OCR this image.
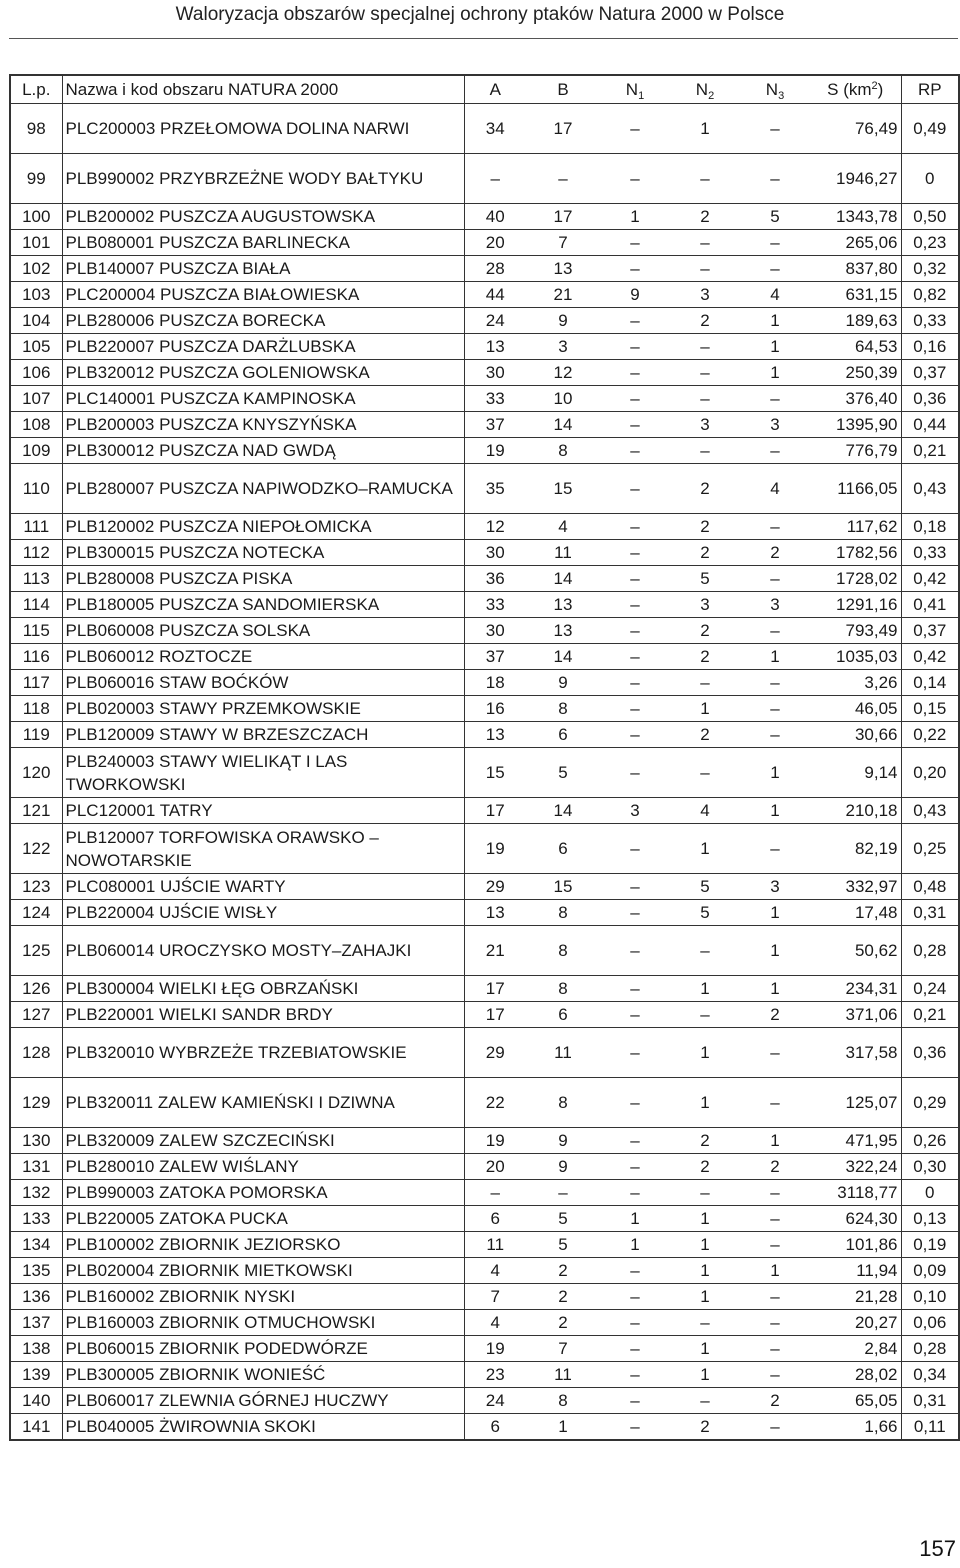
Waloryzacja obszarów specjalnej ochrony ptaków Natura 2000 w Polsce
L.p.	Nazwa i kod obszaru NATURA 2000	A	B	$N_1$	$N_2$	$N_3$	S $(km^2)$	RP
98	PLC200003 PRZEŁOMOWA DOLINA NARWI	34	17	–	1	–	76,49	0,49
99	PLB990002 PRZYBRZEŻNE WODY BAŁTYKU	–	–	–	–	–	1946,27	0
100	PLB200002 PUSZCZA AUGUSTOWSKA	40	17	1	2	5	1343,78	0,50
101	PLB080001 PUSZCZA BARLINECKA	20	7	–	–	–	265,06	0,23
102	PLB140007 PUSZCZA BIAŁA	28	13	–	–	–	837,80	0,32
103	PLC200004 PUSZCZA BIAŁOWIESKA	44	21	9	3	4	631,15	0,82
104	PLB280006 PUSZCZA BORECKA	24	9	–	2	1	189,63	0,33
105	PLB220007 PUSZCZA DARŻLUBSKA	13	3	–	–	1	64,53	0,16
106	PLB320012 PUSZCZA GOLENIOWSKA	30	12	–	–	1	250,39	0,37
107	PLC140001 PUSZCZA KAMPINOSKA	33	10	–	–	–	376,40	0,36
108	PLB200003 PUSZCZA KNYSZYŃSKA	37	14	–	3	3	1395,90	0,44
109	PLB300012 PUSZCZA NAD GWDĄ	19	8	–	–	–	776,79	0,21
110	PLB280007 PUSZCZA NAPIWODZKO–RAMUCKA	35	15	–	2	4	1166,05	0,43
111	PLB120002 PUSZCZA NIEPOŁOMICKA	12	4	–	2	–	117,62	0,18
112	PLB300015 PUSZCZA NOTECKA	30	11	–	2	2	1782,56	0,33
113	PLB280008 PUSZCZA PISKA	36	14	–	5	–	1728,02	0,42
114	PLB180005 PUSZCZA SANDOMIERSKA	33	13	–	3	3	1291,16	0,41
115	PLB060008 PUSZCZA SOLSKA	30	13	–	2	–	793,49	0,37
116	PLB060012 ROZTOCZE	37	14	–	2	1	1035,03	0,42
117	PLB060016 STAW BOĆKÓW	18	9	–	–	–	3,26	0,14
118	PLB020003 STAWY PRZEMKOWSKIE	16	8	–	1	–	46,05	0,15
119	PLB120009 STAWY W BRZESZCZACH	13	6	–	2	–	30,66	0,22
120	PLB240003 STAWY WIELIKĄT I LAS TWORKOWSKI	15	5	–	–	1	9,14	0,20
121	PLC120001 TATRY	17	14	3	4	1	210,18	0,43
122	PLB120007 TORFOWISKA ORAWSKO – NOWOTARSKIE	19	6	–	1	–	82,19	0,25
123	PLC080001 UJŚCIE WARTY	29	15	–	5	3	332,97	0,48
124	PLB220004 UJŚCIE WISŁY	13	8	–	5	1	17,48	0,31
125	PLB060014 UROCZYSKO MOSTY–ZAHAJKI	21	8	–	–	1	50,62	0,28
126	PLB300004 WIELKI ŁĘG OBRZAŃSKI	17	8	–	1	1	234,31	0,24
127	PLB220001 WIELKI SANDR BRDY	17	6	–	–	2	371,06	0,21
128	PLB320010 WYBRZEŻE TRZEBIATOWSKIE	29	11	–	1	–	317,58	0,36
129	PLB320011 ZALEW KAMIEŃSKI I DZIWNA	22	8	–	1	–	125,07	0,29
130	PLB320009 ZALEW SZCZECIŃSKI	19	9	–	2	1	471,95	0,26
131	PLB280010 ZALEW WIŚLANY	20	9	–	2	2	322,24	0,30
132	PLB990003 ZATOKA POMORSKA	–	–	–	–	–	3118,77	0
133	PLB220005 ZATOKA PUCKA	6	5	1	1	–	624,30	0,13
134	PLB100002 ZBIORNIK JEZIORSKO	11	5	1	1	–	101,86	0,19
135	PLB020004 ZBIORNIK MIETKOWSKI	4	2	–	1	1	11,94	0,09
136	PLB160002 ZBIORNIK NYSKI	7	2	–	1	–	21,28	0,10
137	PLB160003 ZBIORNIK OTMUCHOWSKI	4	2	–	–	–	20,27	0,06
138	PLB060015 ZBIORNIK PODEDWÓRZE	19	7	–	1	–	2,84	0,28
139	PLB300005 ZBIORNIK WONIEŚĆ	23	11	–	1	–	28,02	0,34
140	PLB060017 ZLEWNIA GÓRNEJ HUCZWY	24	8	–	–	2	65,05	0,31
141	PLB040005 ŻWIROWNIA SKOKI	6	1	–	2	–	1,66	0,11
157
